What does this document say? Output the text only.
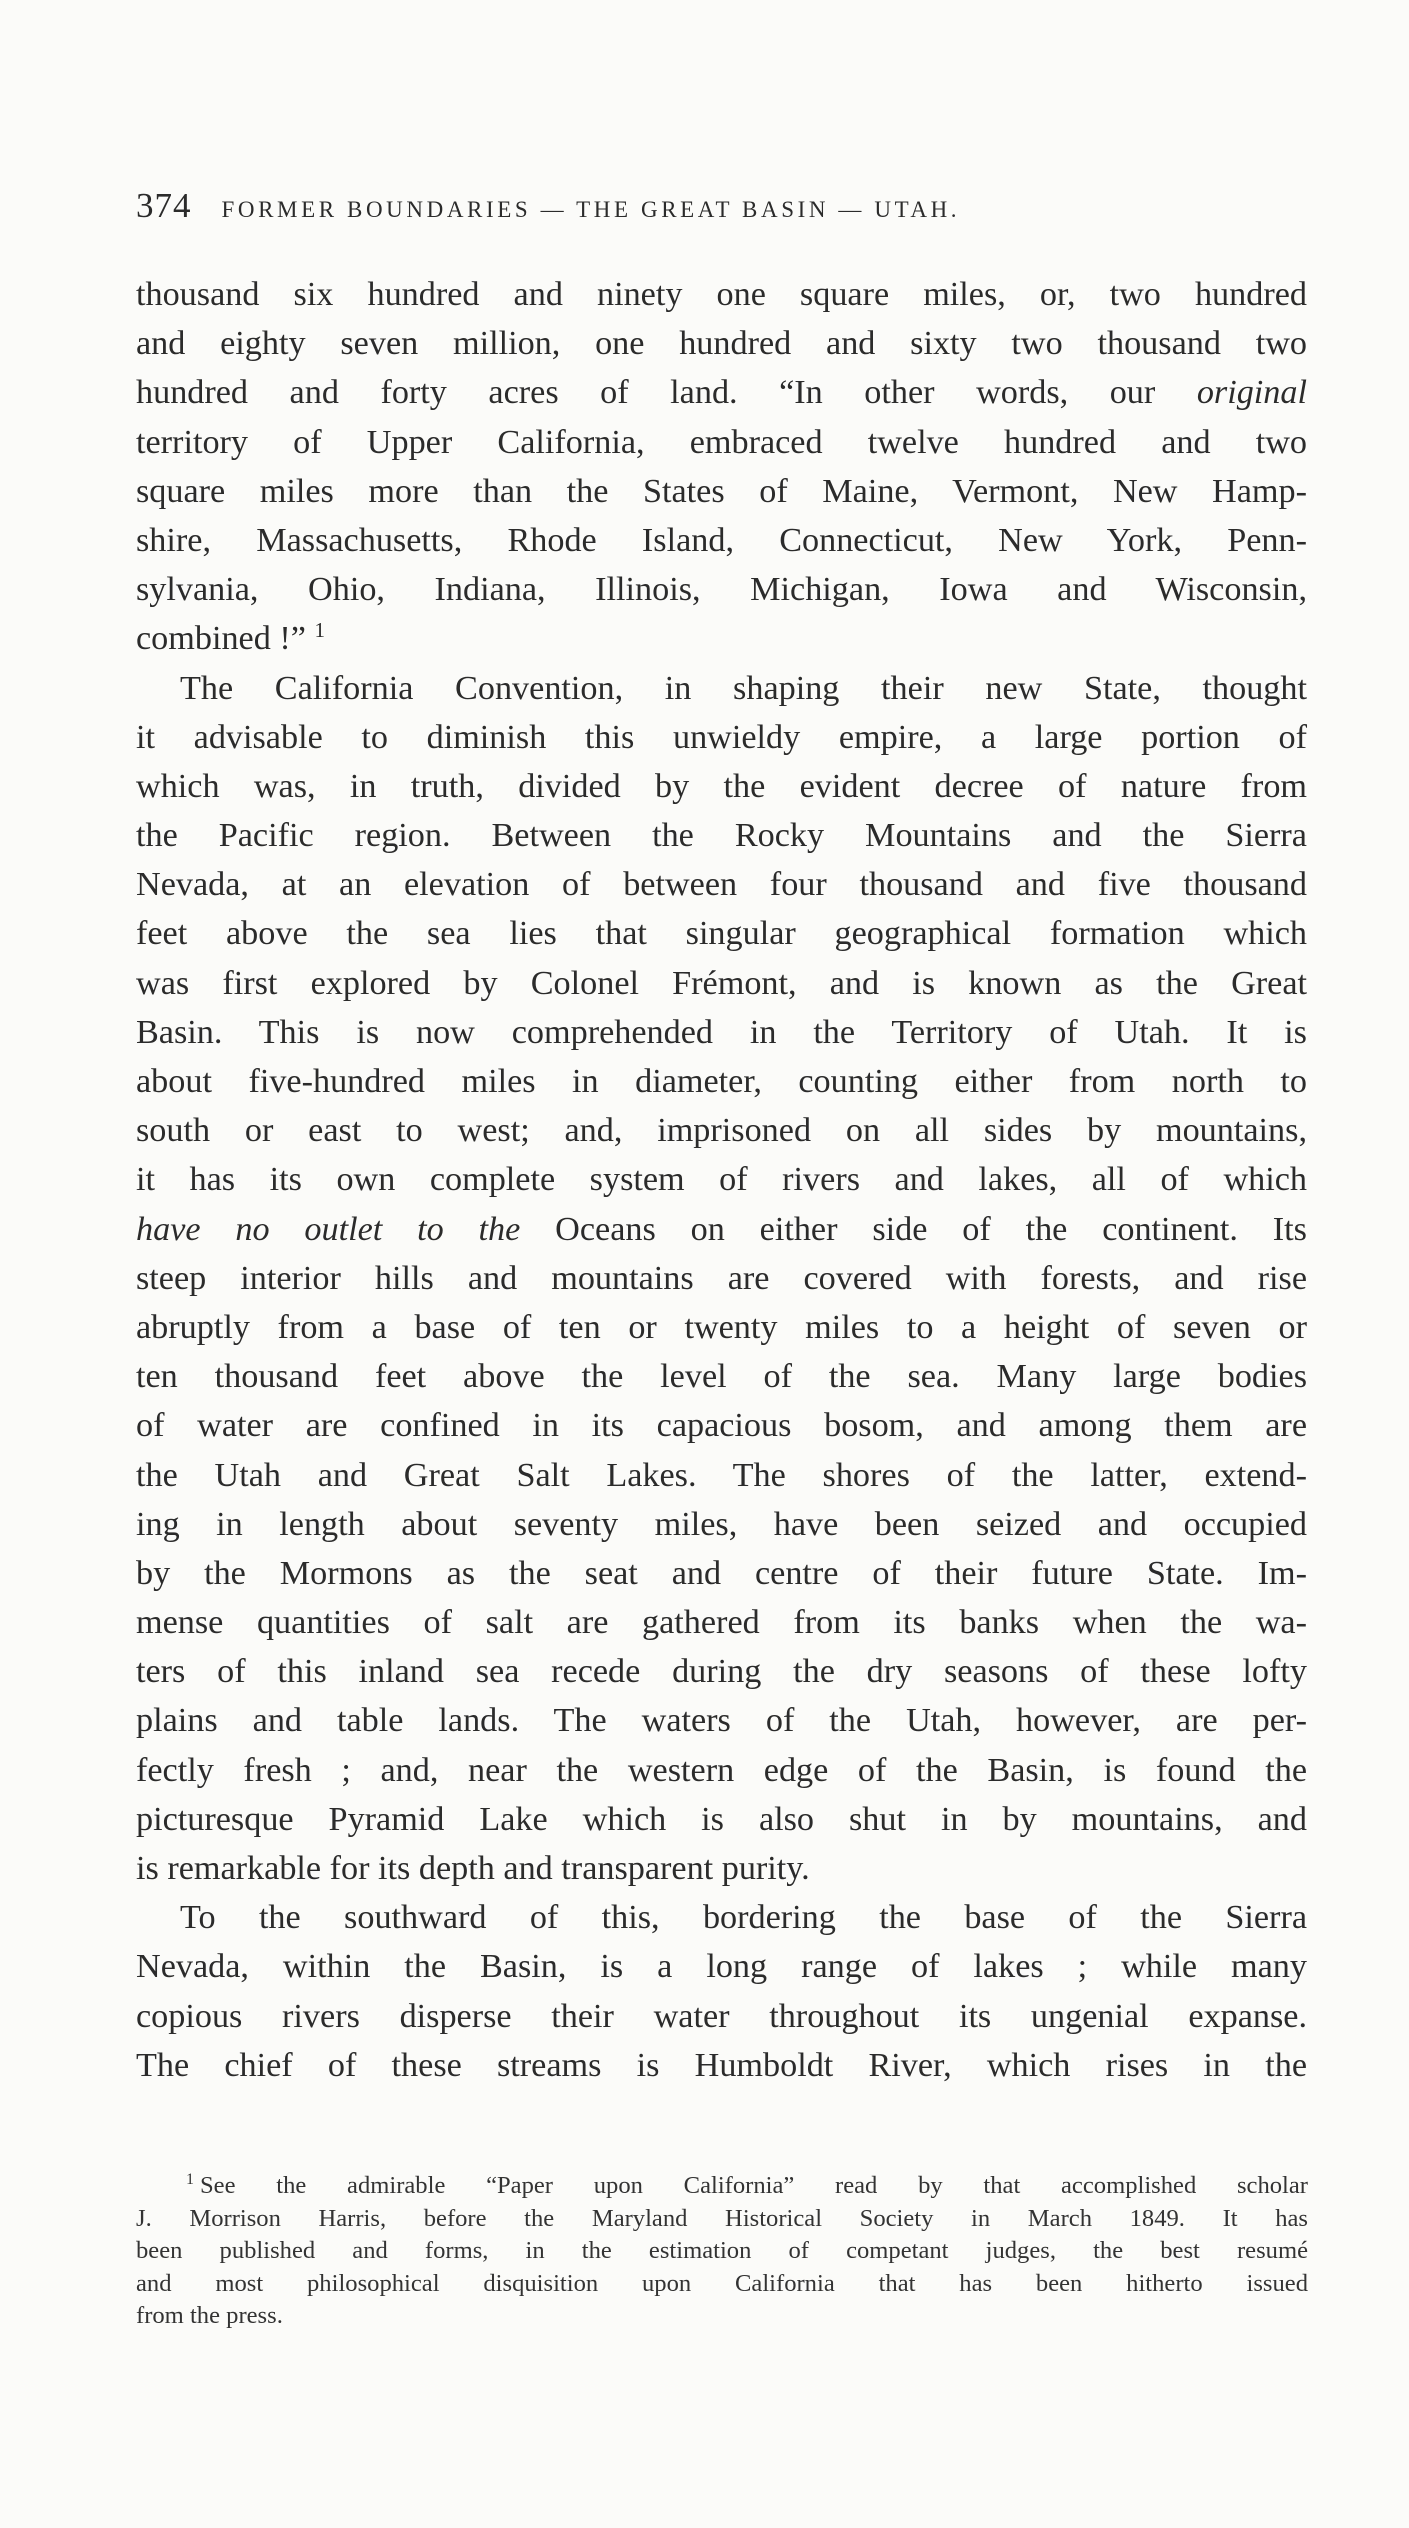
374 FORMER BOUNDARIES — THE GREAT BASIN — UTAH.
thousand six hundred and ninety one square miles, or, two hundred
and eighty seven million, one hundred and sixty two thousand two
hundred and forty acres of land. “In other words, our original
territory of Upper California, embraced twelve hundred and two
square miles more than the States of Maine, Vermont, New Hamp-
shire, Massachusetts, Rhode Island, Connecticut, New York, Penn-
sylvania, Ohio, Indiana, Illinois, Michigan, Iowa and Wisconsin,
combined !” $^1$
The California Convention, in shaping their new State, thought
it advisable to diminish this unwieldy empire, a large portion of
which was, in truth, divided by the evident decree of nature from
the Pacific region. Between the Rocky Mountains and the Sierra
Nevada, at an elevation of between four thousand and five thousand
feet above the sea lies that singular geographical formation which
was first explored by Colonel Frémont, and is known as the Great
Basin. This is now comprehended in the Territory of Utah. It is
about five-hundred miles in diameter, counting either from north to
south or east to west; and, imprisoned on all sides by mountains,
it has its own complete system of rivers and lakes, all of which
have no outlet to the Oceans on either side of the continent. Its
steep interior hills and mountains are covered with forests, and rise
abruptly from a base of ten or twenty miles to a height of seven or
ten thousand feet above the level of the sea. Many large bodies
of water are confined in its capacious bosom, and among them are
the Utah and Great Salt Lakes. The shores of the latter, extend-
ing in length about seventy miles, have been seized and occupied
by the Mormons as the seat and centre of their future State. Im-
mense quantities of salt are gathered from its banks when the wa-
ters of this inland sea recede during the dry seasons of these lofty
plains and table lands. The waters of the Utah, however, are per-
fectly fresh ; and, near the western edge of the Basin, is found the
picturesque Pyramid Lake which is also shut in by mountains, and
is remarkable for its depth and transparent purity.
To the southward of this, bordering the base of the Sierra
Nevada, within the Basin, is a long range of lakes ; while many
copious rivers disperse their water throughout its ungenial expanse.
The chief of these streams is Humboldt River, which rises in the
$^1$ See the admirable “Paper upon California” read by that accomplished scholar
J. Morrison Harris, before the Maryland Historical Society in March 1849. It has
been published and forms, in the estimation of competant judges, the best resumé
and most philosophical disquisition upon California that has been hitherto issued
from the press.
